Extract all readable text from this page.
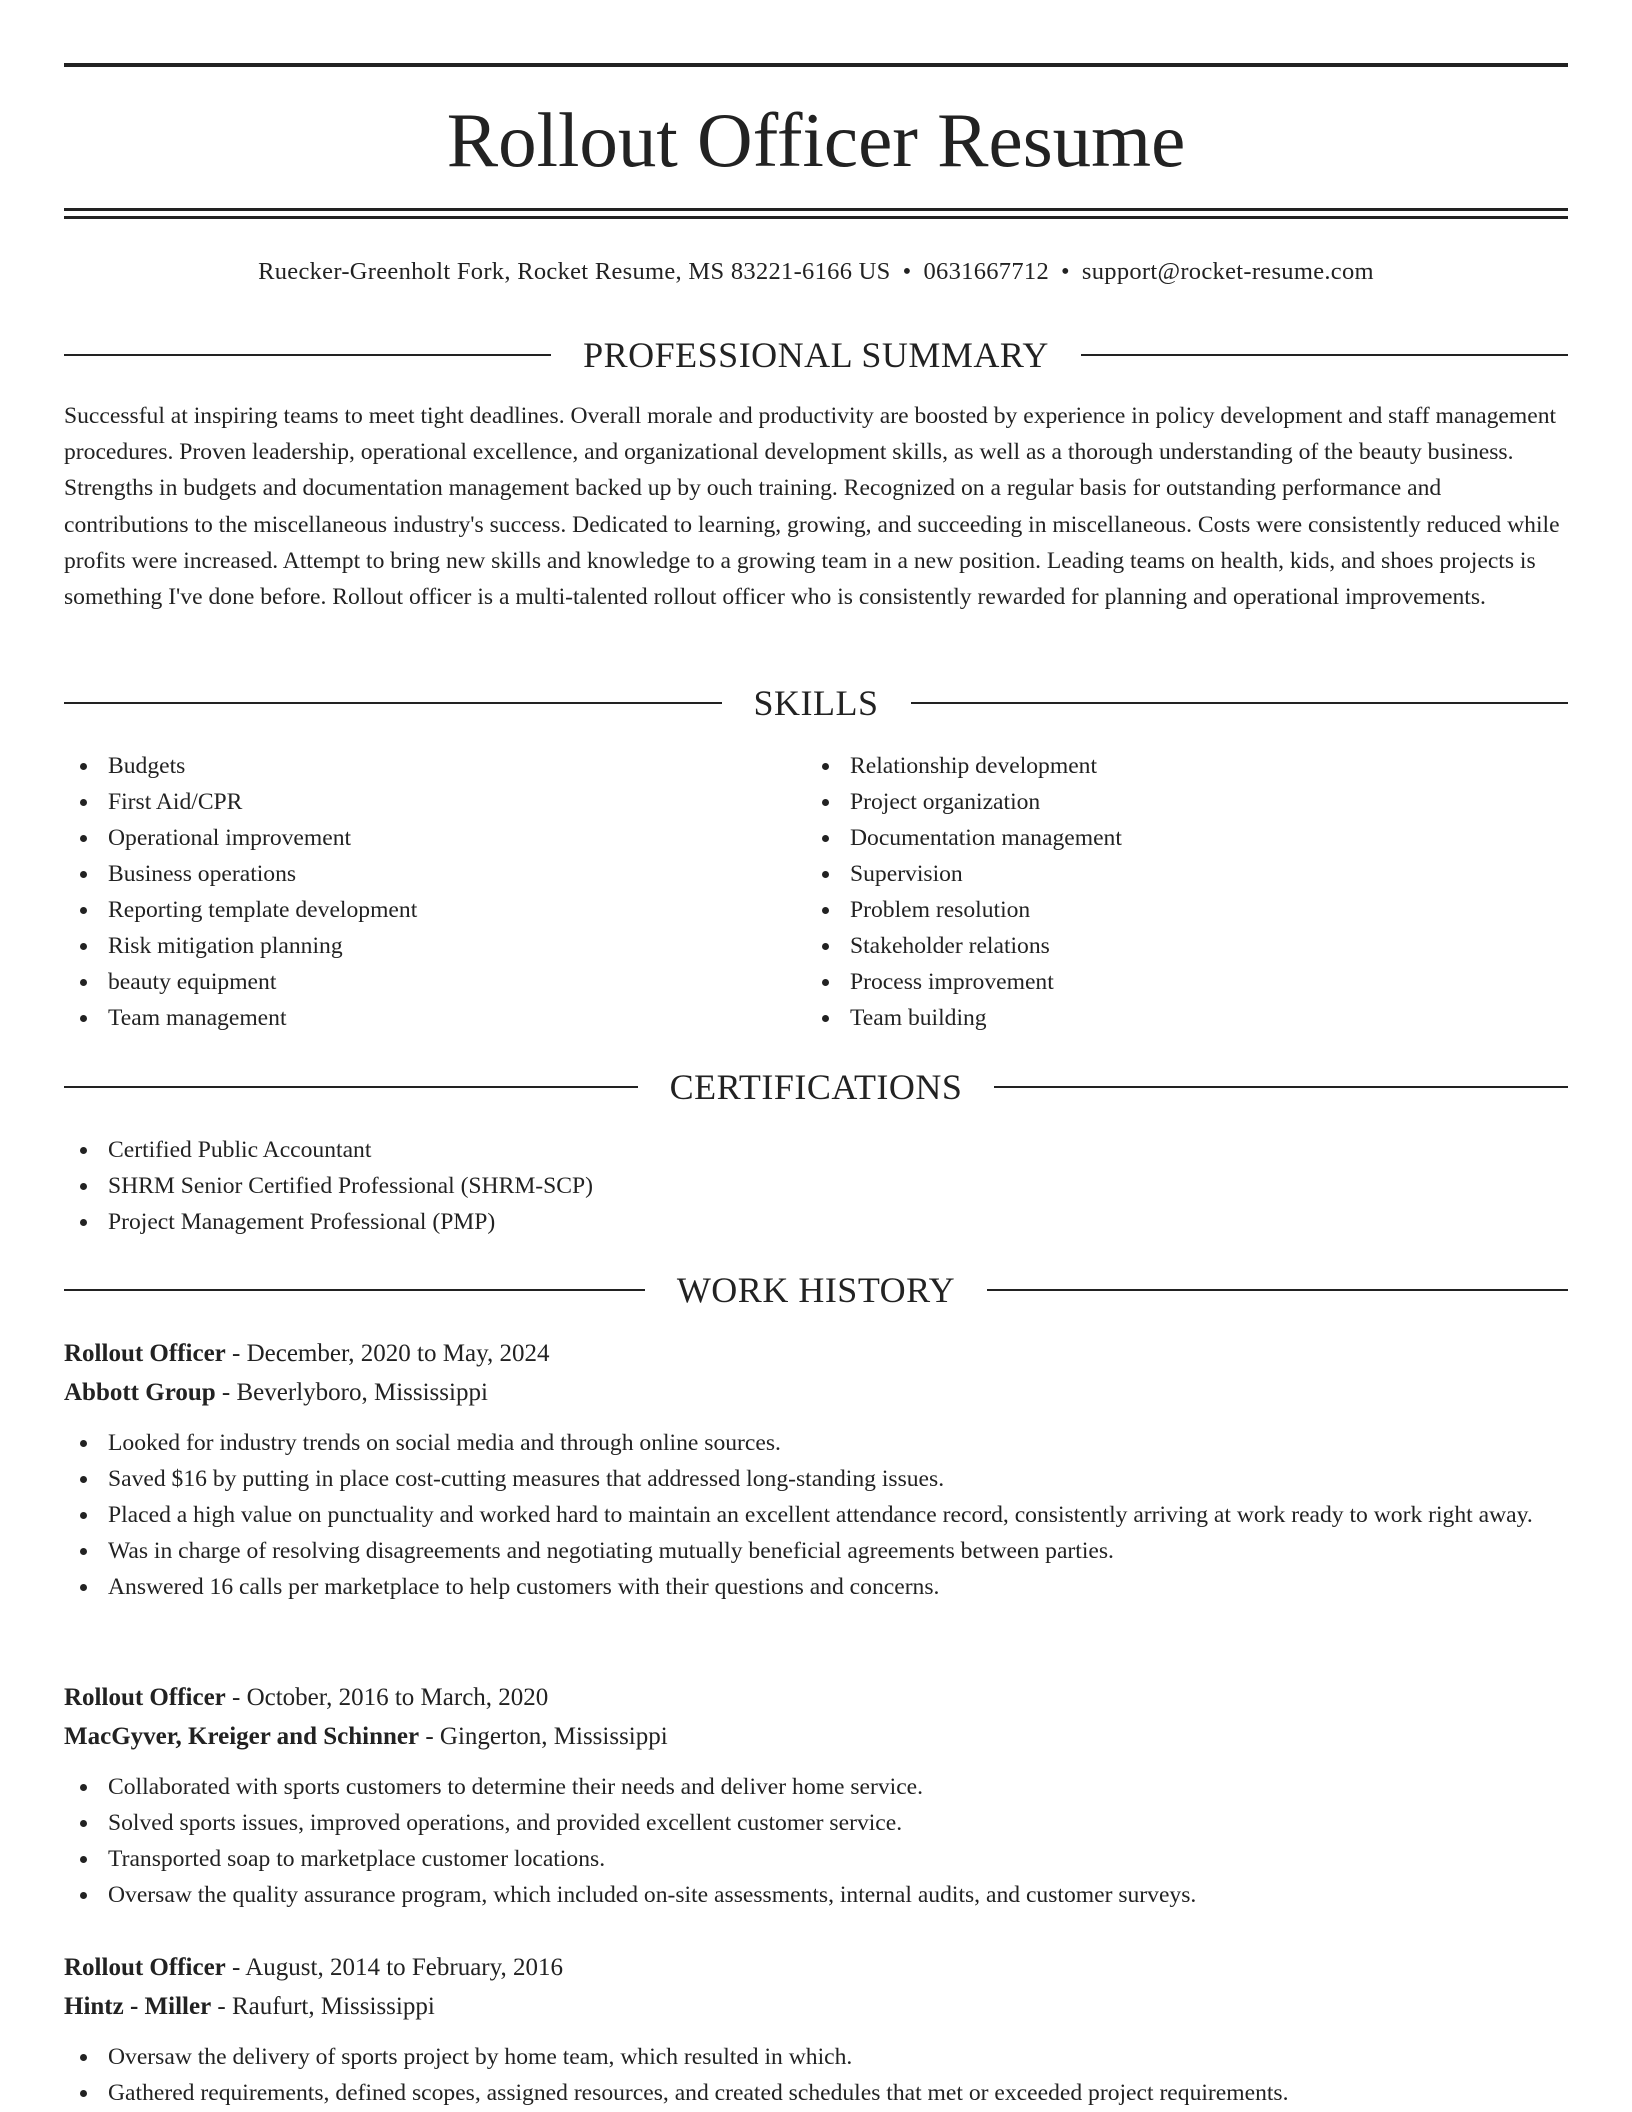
Rollout Officer Resume
Ruecker-Greenholt Fork, Rocket Resume, MS 83221-6166 US • 0631667712 • support@rocket-resume.com
PROFESSIONAL SUMMARY

Successful at inspiring teams to meet tight deadlines. Overall morale and productivity are boosted by experience in policy development and staff management procedures. Proven leadership, operational excellence, and organizational development skills, as well as a thorough understanding of the beauty business. Strengths in budgets and documentation management backed up by ouch training. Recognized on a regular basis for outstanding performance and contributions to the miscellaneous industry's success. Dedicated to learning, growing, and succeeding in miscellaneous. Costs were consistently reduced while profits were increased. Attempt to bring new skills and knowledge to a growing team in a new position. Leading teams on health, kids, and shoes projects is something I've done before. Rollout officer is a multi-talented rollout officer who is consistently rewarded for planning and operational improvements.

SKILLS
Budgets
First Aid/CPR
Operational improvement
Business operations
Reporting template development
Risk mitigation planning
beauty equipment
Team management
Relationship development
Project organization
Documentation management
Supervision
Problem resolution
Stakeholder relations
Process improvement
Team building
CERTIFICATIONS
Certified Public Accountant
SHRM Senior Certified Professional (SHRM-SCP)
Project Management Professional (PMP)
WORK HISTORY
Rollout Officer - December, 2020 to May, 2024
Abbott Group - Beverlyboro, Mississippi
Looked for industry trends on social media and through online sources.
Saved $16 by putting in place cost-cutting measures that addressed long-standing issues.
Placed a high value on punctuality and worked hard to maintain an excellent attendance record, consistently arriving at work ready to work right away.
Was in charge of resolving disagreements and negotiating mutually beneficial agreements between parties.
Answered 16 calls per marketplace to help customers with their questions and concerns.
Rollout Officer - October, 2016 to March, 2020
MacGyver, Kreiger and Schinner - Gingerton, Mississippi
Collaborated with sports customers to determine their needs and deliver home service.
Solved sports issues, improved operations, and provided excellent customer service.
Transported soap to marketplace customer locations.
Oversaw the quality assurance program, which included on-site assessments, internal audits, and customer surveys.
Rollout Officer - August, 2014 to February, 2016
Hintz - Miller - Raufurt, Mississippi
Oversaw the delivery of sports project by home team, which resulted in which.
Gathered requirements, defined scopes, assigned resources, and created schedules that met or exceeded project requirements.
